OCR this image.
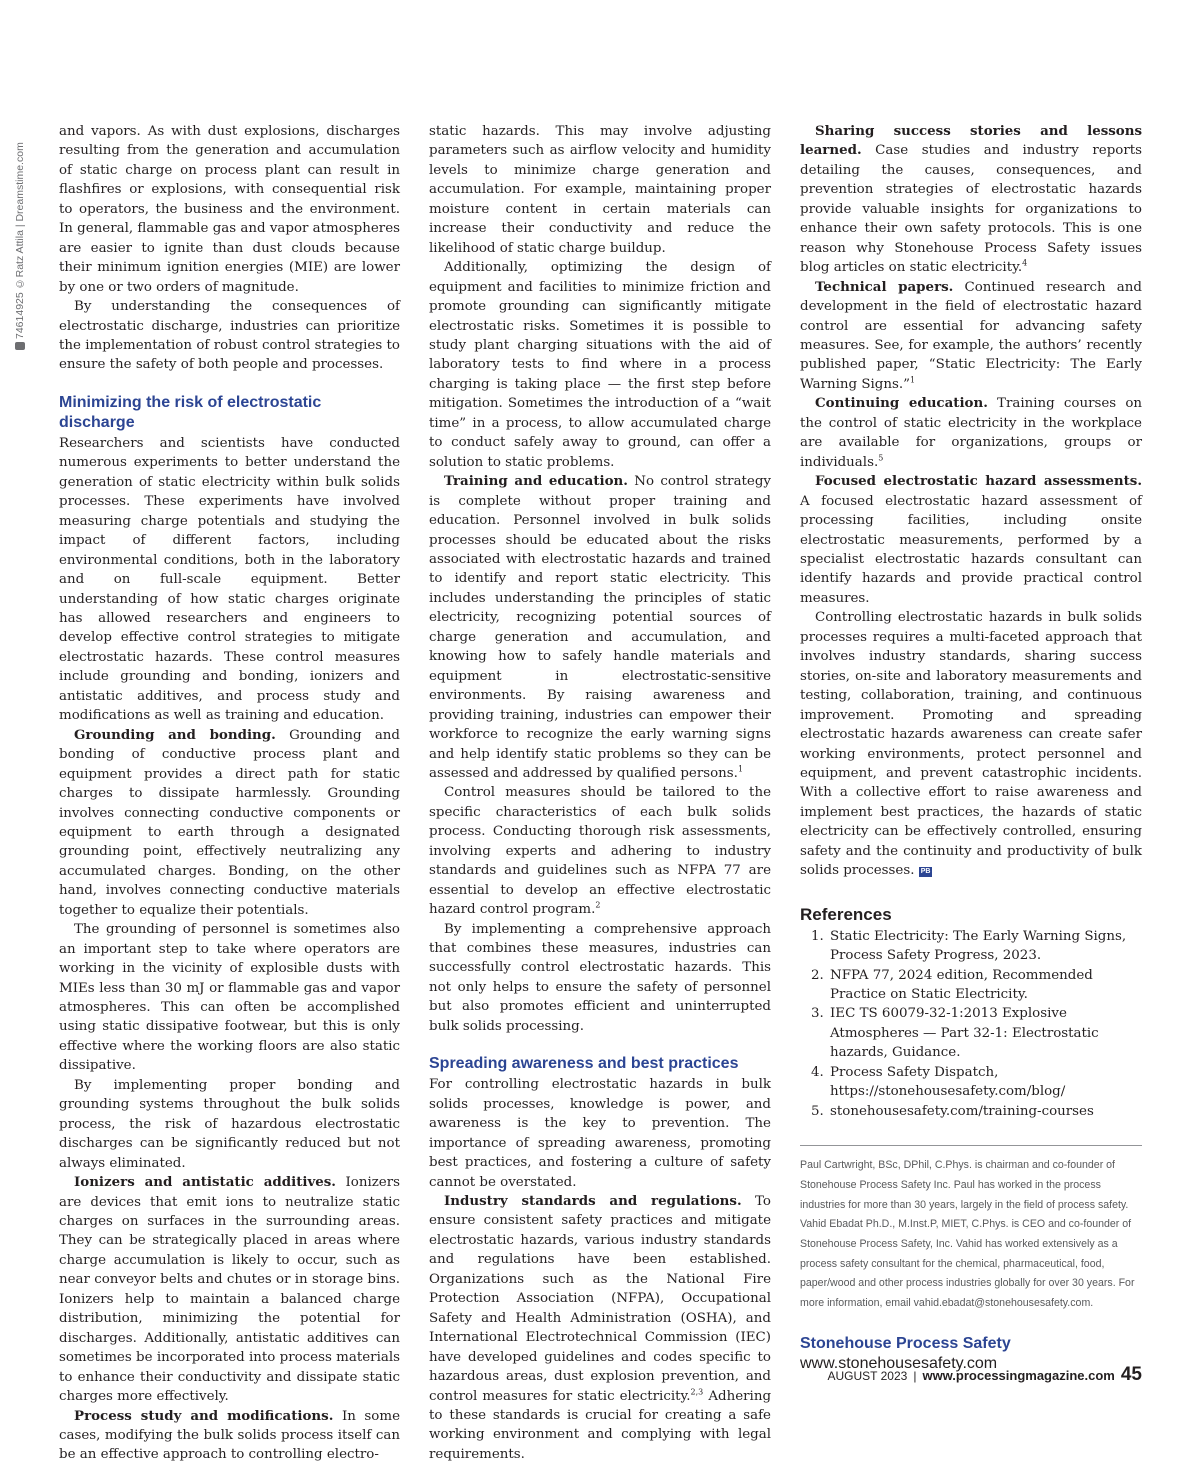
74614925 ©Ratz Attila | Dreamstime.com

and vapors. As with dust explosions, discharges resulting from the generation and accumulation of static charge on process plant can result in flashfires or explosions, with consequential risk to operators, the business and the environment. In general, flammable gas and vapor atmospheres are easier to ignite than dust clouds because their minimum ignition energies (MIE) are lower by one or two orders of magnitude.

By understanding the consequences of electrostatic discharge, industries can prioritize the implementation of robust control strategies to ensure the safety of both people and processes.

Minimizing the risk of electrostatic discharge

Researchers and scientists have conducted numerous experiments to better understand the generation of static electricity within bulk solids processes. These experiments have involved measuring charge potentials and studying the impact of different factors, including environmental conditions, both in the laboratory and on full-scale equipment. Better understanding of how static charges originate has allowed researchers and engineers to develop effective control strategies to mitigate electrostatic hazards. These control measures include grounding and bonding, ionizers and antistatic additives, and process study and modifications as well as training and education.

Grounding and bonding. Grounding and bonding of conductive process plant and equipment provides a direct path for static charges to dissipate harmlessly. Grounding involves connecting conductive components or equipment to earth through a designated grounding point, effectively neutralizing any accumulated charges. Bonding, on the other hand, involves connecting conductive materials together to equalize their potentials.

The grounding of personnel is sometimes also an important step to take where operators are working in the vicinity of explosible dusts with MIEs less than 30 mJ or flammable gas and vapor atmospheres. This can often be accomplished using static dissipative footwear, but this is only effective where the working floors are also static dissipative.

By implementing proper bonding and grounding systems throughout the bulk solids process, the risk of hazardous electrostatic discharges can be significantly reduced but not always eliminated.

Ionizers and antistatic additives. Ionizers are devices that emit ions to neutralize static charges on surfaces in the surrounding areas. They can be strategically placed in areas where charge accumulation is likely to occur, such as near conveyor belts and chutes or in storage bins. Ionizers help to maintain a balanced charge distribution, minimizing the potential for discharges. Additionally, antistatic additives can sometimes be incorporated into process materials to enhance their conductivity and dissipate static charges more effectively.

Process study and modifications. In some cases, modifying the bulk solids process itself can be an effective approach to controlling electro-

static hazards. This may involve adjusting parameters such as airflow velocity and humidity levels to minimize charge generation and accumulation. For example, maintaining proper moisture content in certain materials can increase their conductivity and reduce the likelihood of static charge buildup.

Additionally, optimizing the design of equipment and facilities to minimize friction and promote grounding can significantly mitigate electrostatic risks. Sometimes it is possible to study plant charging situations with the aid of laboratory tests to find where in a process charging is taking place — the first step before mitigation. Sometimes the introduction of a “wait time” in a process, to allow accumulated charge to conduct safely away to ground, can offer a solution to static problems.

Training and education. No control strategy is complete without proper training and education. Personnel involved in bulk solids processes should be educated about the risks associated with electrostatic hazards and trained to identify and report static electricity. This includes understanding the principles of static electricity, recognizing potential sources of charge generation and accumulation, and knowing how to safely handle materials and equipment in electrostatic-sensitive environments. By raising awareness and providing training, industries can empower their workforce to recognize the early warning signs and help identify static problems so they can be assessed and addressed by qualified persons.$^1$

Control measures should be tailored to the specific characteristics of each bulk solids process. Conducting thorough risk assessments, involving experts and adhering to industry standards and guidelines such as NFPA 77 are essential to develop an effective electrostatic hazard control program.$^2$

By implementing a comprehensive approach that combines these measures, industries can successfully control electrostatic hazards. This not only helps to ensure the safety of personnel but also promotes efficient and uninterrupted bulk solids processing.

Spreading awareness and best practices

For controlling electrostatic hazards in bulk solids processes, knowledge is power, and awareness is the key to prevention. The importance of spreading awareness, promoting best practices, and fostering a culture of safety cannot be overstated.

Industry standards and regulations. To ensure consistent safety practices and mitigate electrostatic hazards, various industry standards and regulations have been established. Organizations such as the National Fire Protection Association (NFPA), Occupational Safety and Health Administration (OSHA), and International Electrotechnical Commission (IEC) have developed guidelines and codes specific to hazardous areas, dust explosion prevention, and control measures for static electricity.$^{2,3}$ Adhering to these standards is crucial for creating a safe working environment and complying with legal requirements.

Sharing success stories and lessons learned. Case studies and industry reports detailing the causes, consequences, and prevention strategies of electrostatic hazards provide valuable insights for organizations to enhance their own safety protocols. This is one reason why Stonehouse Process Safety issues blog articles on static electricity.$^4$

Technical papers. Continued research and development in the field of electrostatic hazard control are essential for advancing safety measures. See, for example, the authors’ recently published paper, “Static Electricity: The Early Warning Signs.”$^1$

Continuing education. Training courses on the control of static electricity in the workplace are available for organizations, groups or individuals.$^5$

Focused electrostatic hazard assessments. A focused electrostatic hazard assessment of processing facilities, including onsite electrostatic measurements, performed by a specialist electrostatic hazards consultant can identify hazards and provide practical control measures.

Controlling electrostatic hazards in bulk solids processes requires a multi-faceted approach that involves industry standards, sharing success stories, on-site and laboratory measurements and testing, collaboration, training, and continuous improvement. Promoting and spreading electrostatic hazards awareness can create safer working environments, protect personnel and equipment, and prevent catastrophic incidents. With a collective effort to raise awareness and implement best practices, the hazards of static electricity can be effectively controlled, ensuring safety and the continuity and productivity of bulk solids processes. PB

References
1. Static Electricity: The Early Warning Signs, Process Safety Progress, 2023.
2. NFPA 77, 2024 edition, Recommended Practice on Static Electricity.
3. IEC TS 60079-32-1:2013 Explosive Atmospheres — Part 32-1: Electrostatic hazards, Guidance.
4. Process Safety Dispatch, https://stonehousesafety.com/blog/
5. stonehousesafety.com/training-courses
Paul Cartwright, BSc, DPhil, C.Phys. is chairman and co-founder of Stonehouse Process Safety Inc. Paul has worked in the process industries for more than 30 years, largely in the field of process safety. Vahid Ebadat Ph.D., M.Inst.P, MIET, C.Phys. is CEO and co-founder of Stonehouse Process Safety, Inc. Vahid has worked extensively as a process safety consultant for the chemical, pharmaceutical, food, paper/wood and other process industries globally for over 30 years. For more information, email vahid.ebadat@stonehousesafety.com.
Stonehouse Process Safety
www.stonehousesafety.com
AUGUST 2023 | www.processingmagazine.com 45
